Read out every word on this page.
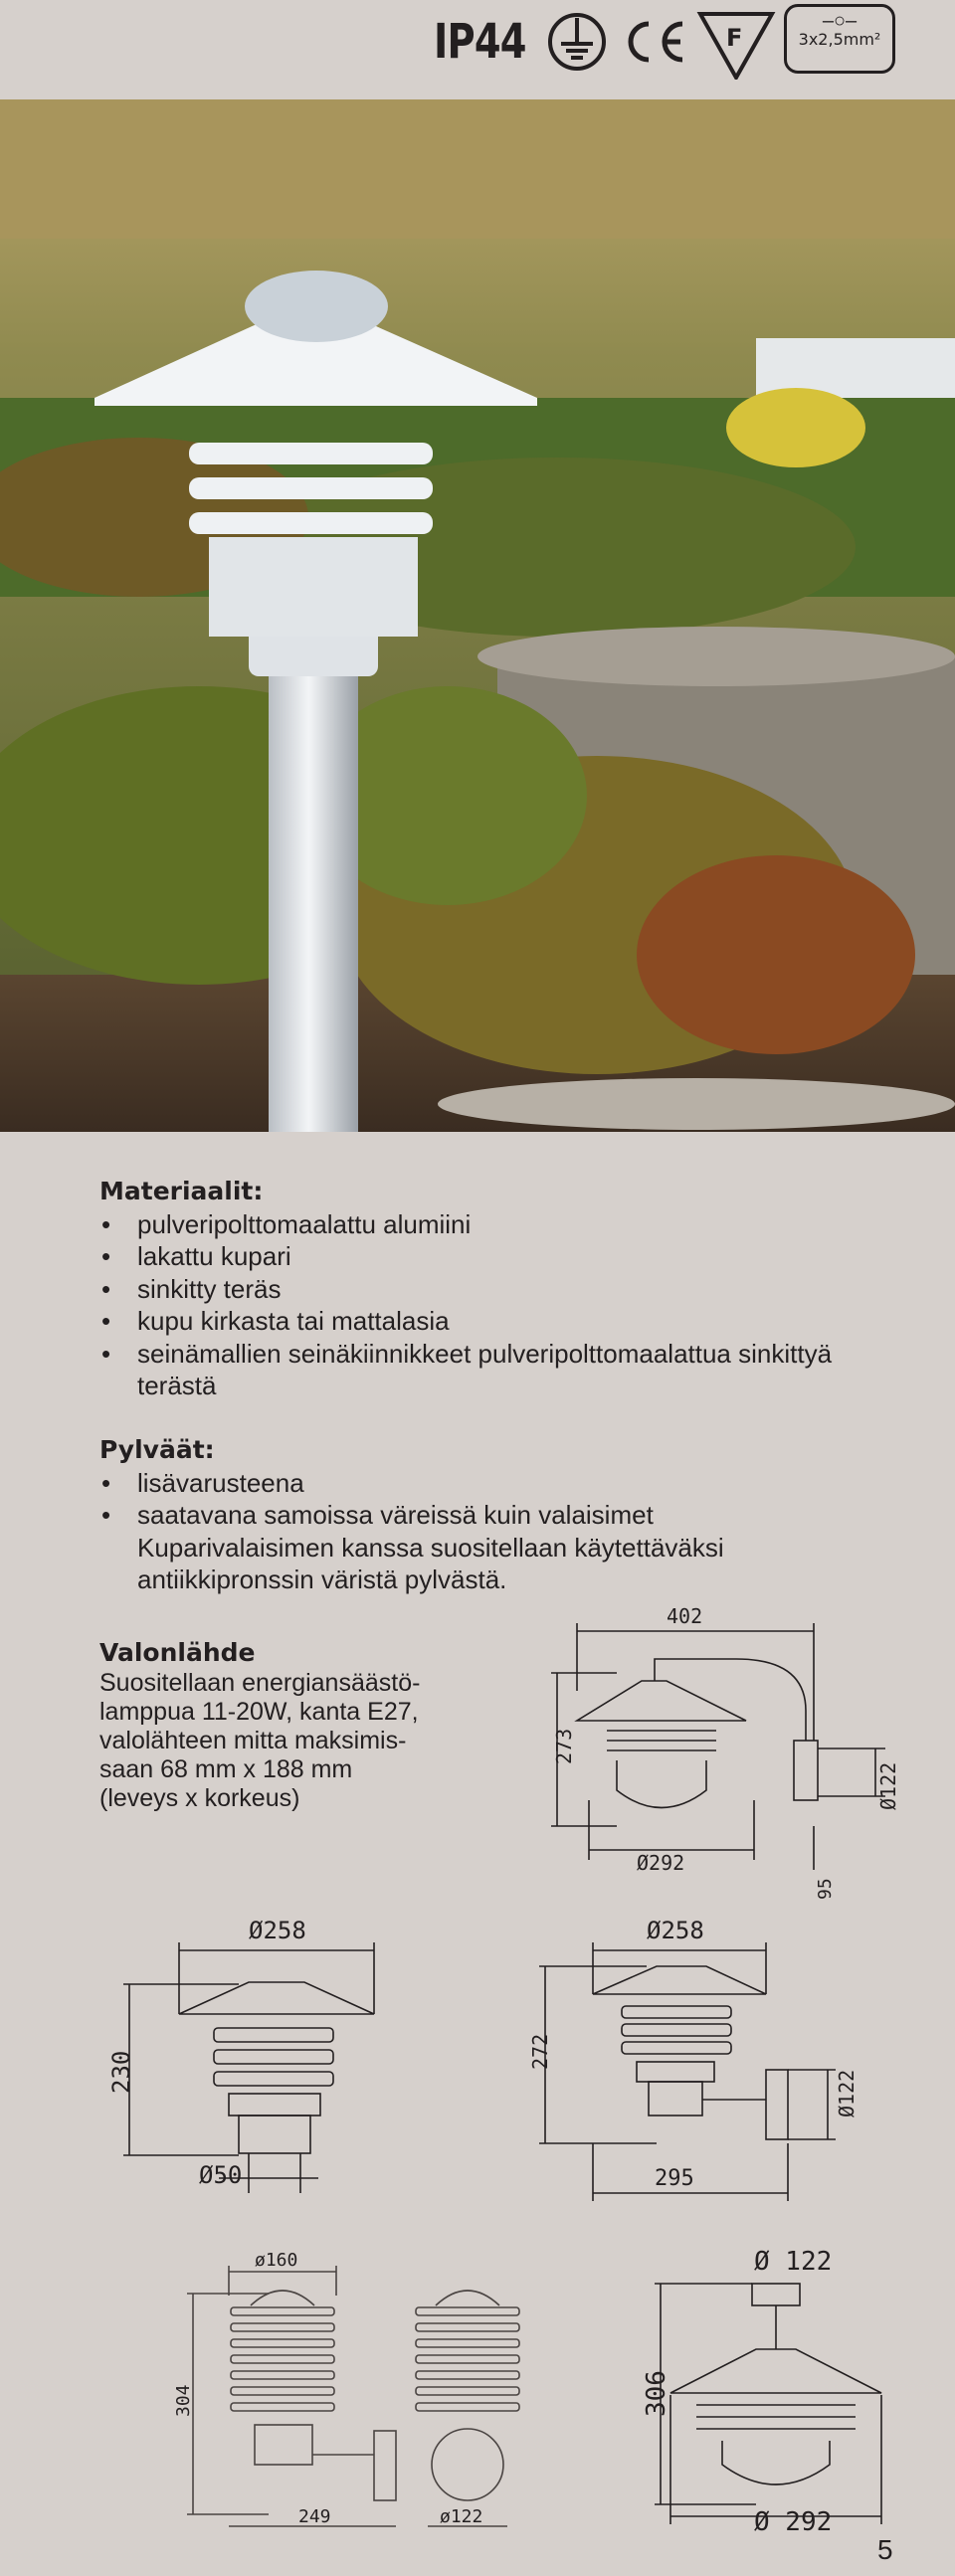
IP44	F
–○–
3x2,5mm²
Materiaalit:
• pulveripolttomaalattu alumiini
• lakattu kupari
• sinkitty teräs
• kupu kirkasta tai mattalasia
• seinämallien seinäkiinnikkeet pulveripolttomaalattua sinkittyä terästä
Pylväät:
• lisävarusteena
• saatavana samoissa väreissä kuin valaisimet Kuparivalaisimen kanssa suositellaan käytettäväksi antiikkipronssin väristä pylvästä.
Valonlähde

Suositellaan energiansäästö-

lamppua 11-20W, kanta E27,

valolähteen mitta maksimis-

saan 68 mm x 188 mm

(leveys x korkeus)

402
273
Ø292
Ø122
95
Ø258
230
Ø50
Ø258
272
Ø122
295
ø160
304
249	ø122
Ø 122
306
Ø 292
5
